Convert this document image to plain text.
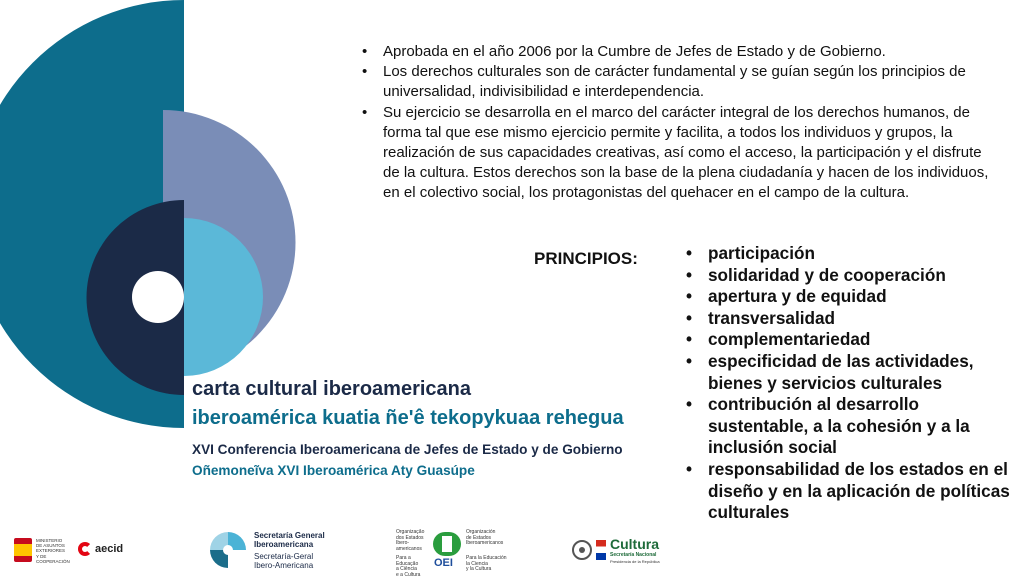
• Aprobada en el año 2006 por la Cumbre de Jefes de Estado y de Gobierno.
• Los derechos culturales son de carácter fundamental y se guían según los principios de universalidad, indivisibilidad e interdependencia.
• Su ejercicio se desarrolla en el marco del carácter integral de los derechos humanos, de forma tal que ese mismo ejercicio permite y facilita, a todos los individuos y grupos, la realización de sus capacidades creativas, así como el acceso, la participación y el disfrute de la cultura. Estos derechos son la base de la plena ciudadanía y hacen de los individuos, en el colectivo social, los protagonistas del quehacer en el campo de la cultura.
PRINCIPIOS:
•	participación
• solidaridad y de cooperación
• apertura y de equidad
• transversalidad
• complementariedad
• especificidad de las actividades, bienes y servicios culturales
• contribución al desarrollo sustentable, a la cohesión y a la inclusión social
• responsabilidad de los estados en el diseño y en la aplicación de políticas culturales
carta cultural iberoamericana
iberoamérica kuatia ñe'ê tekopykuaa rehegua
XVI Conferencia Iberoamericana de Jefes de Estado y de Gobierno
Oñemoneĩva XVI Iberoamérica Aty Guasúpe
MINISTERIO
DE ASUNTOS
EXTERIORES
Y DE COOPERACIÓN
aecid
Secretaría General
Iberoamericana
Secretaría-Geral
Ibero-Americana
Organização
dos Estados
Ibero-americanos
Para a Educação
a Ciência
e a Cultura
OEI
Organización
de Estados
Iberoamericanos
Para la Educación
la Ciencia
y la Cultura
Cultura
Secretaría Nacional
Presidencia de la República
